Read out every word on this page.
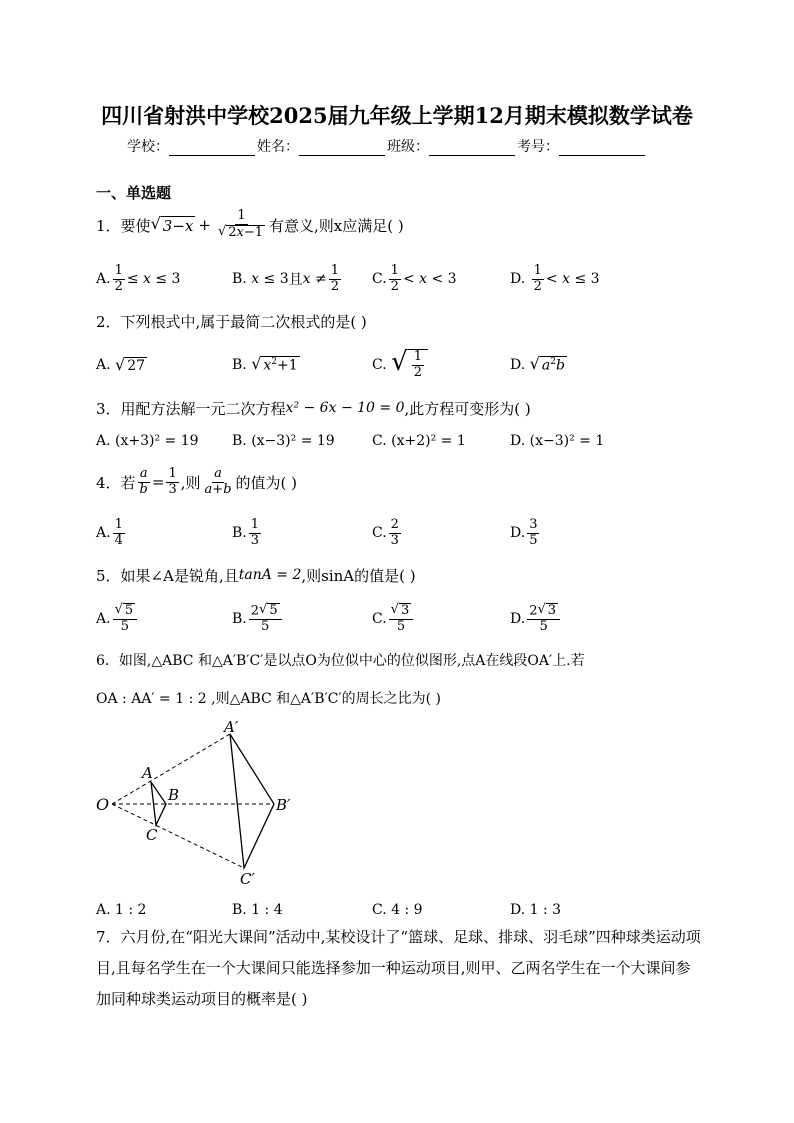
四川省射洪中学校2025届九年级上学期12月期末模拟数学试卷
学校：	姓名：	班级：	考号：
一、单选题
1． 要使 √ $3-x + \frac{1}{√ 2x-1}$ 有意义,则x应满足( )
A. $\frac{1}{2} \le x \le 3$	B.
x ≤ 3 且 $x \ne \frac{1}{2} C$. $\frac{1}{2} < x < 3$	D.
$\frac{1}{2} < x \le 3$
2．下列根式中,属于最简二次根式的是( )
A.
√ 27	B.
√ $x^2+1$	C.
√ $\frac{1}{2}$	D.
√ $a^2b$
3．用配方法解一元二次方程 x² − 6x − 10 = 0 ,此方程可变形为( )
A. (x+3)² = 19 B. (x−3)² = 19	C. (x+2)² = 1	D. (x−3)² = 1
4．若 $\frac{a}{b} = \frac{1}{3}$ ,则 $\frac{a}{a+b}$ 的值为( )
A. $\frac{1}{4}$	B. $\frac{1}{3}$	C. $\frac{2}{3}$	D. $\frac{3}{5}$
5．如果∠A是锐角,且 tanA = 2 ,则sinA的值是( )
A. $\frac{√ 5}{5}$	B. $\frac{2 √ 5}{5}$	C. $\frac{√ 3}{5}$	D. $\frac{2 √ 3}{5}$
6．如图,△ABC 和△A′B′C′是以点O为位似中心的位似图形,点A在线段OA′上.若
OA : AA′ = 1 : 2 ,则△ABC 和△A′B′C′的周长之比为( )
O
A
B
C
A′
B′
C′
A. 1 : 2	B. 1 : 4	C. 4 : 9	D. 1 : 3
7．六月份,在“阳光大课间”活动中,某校设计了“篮球、足球、排球、羽毛球”四种球类运动项目,且每名学生在一个大课间只能选择参加一种运动项目,则甲、乙两名学生在一个大课间参加同种球类运动项目的概率是( )
